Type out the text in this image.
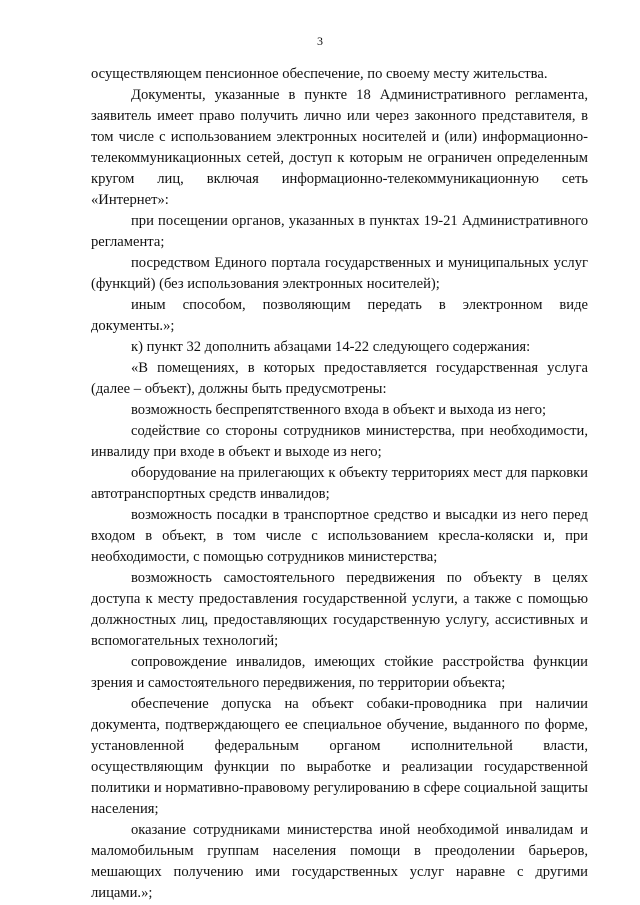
3

осуществляющем пенсионное обеспечение, по своему месту жительства.

Документы, указанные в пункте 18 Административного регламента, заявитель имеет право получить лично или через законного представителя, в том числе с использованием электронных носителей и (или) информационно-телекоммуникационных сетей, доступ к которым не ограничен определенным кругом лиц, включая информационно-телекоммуникационную сеть «Интернет»:

при посещении органов, указанных в пунктах 19-21 Административного регламента;

посредством Единого портала государственных и муниципальных услуг (функций) (без использования электронных носителей);

иным способом, позволяющим передать в электронном виде документы.»;

к) пункт 32 дополнить абзацами 14-22 следующего содержания:

«В помещениях, в которых предоставляется государственная услуга (далее – объект), должны быть предусмотрены:

возможность беспрепятственного входа в объект и выхода из него;

содействие со стороны сотрудников министерства, при необходимости, инвалиду при входе в объект и выходе из него;

оборудование на прилегающих к объекту территориях мест для парковки автотранспортных средств инвалидов;

возможность посадки в транспортное средство и высадки из него перед входом в объект, в том числе с использованием кресла-коляски и, при необходимости, с помощью сотрудников министерства;

возможность самостоятельного передвижения по объекту в целях доступа к месту предоставления государственной услуги, а также с помощью должностных лиц, предоставляющих государственную услугу, ассистивных и вспомогательных технологий;

сопровождение инвалидов, имеющих стойкие расстройства функции зрения и самостоятельного передвижения, по территории объекта;

обеспечение допуска на объект собаки-проводника при наличии документа, подтверждающего ее специальное обучение, выданного по форме, установленной федеральным органом исполнительной власти, осуществляющим функции по выработке и реализации государственной политики и нормативно-правовому регулированию в сфере социальной защиты населения;

оказание сотрудниками министерства иной необходимой инвалидам и маломобильным группам населения помощи в преодолении барьеров, мешающих получению ими государственных услуг наравне с другими лицами.»;
